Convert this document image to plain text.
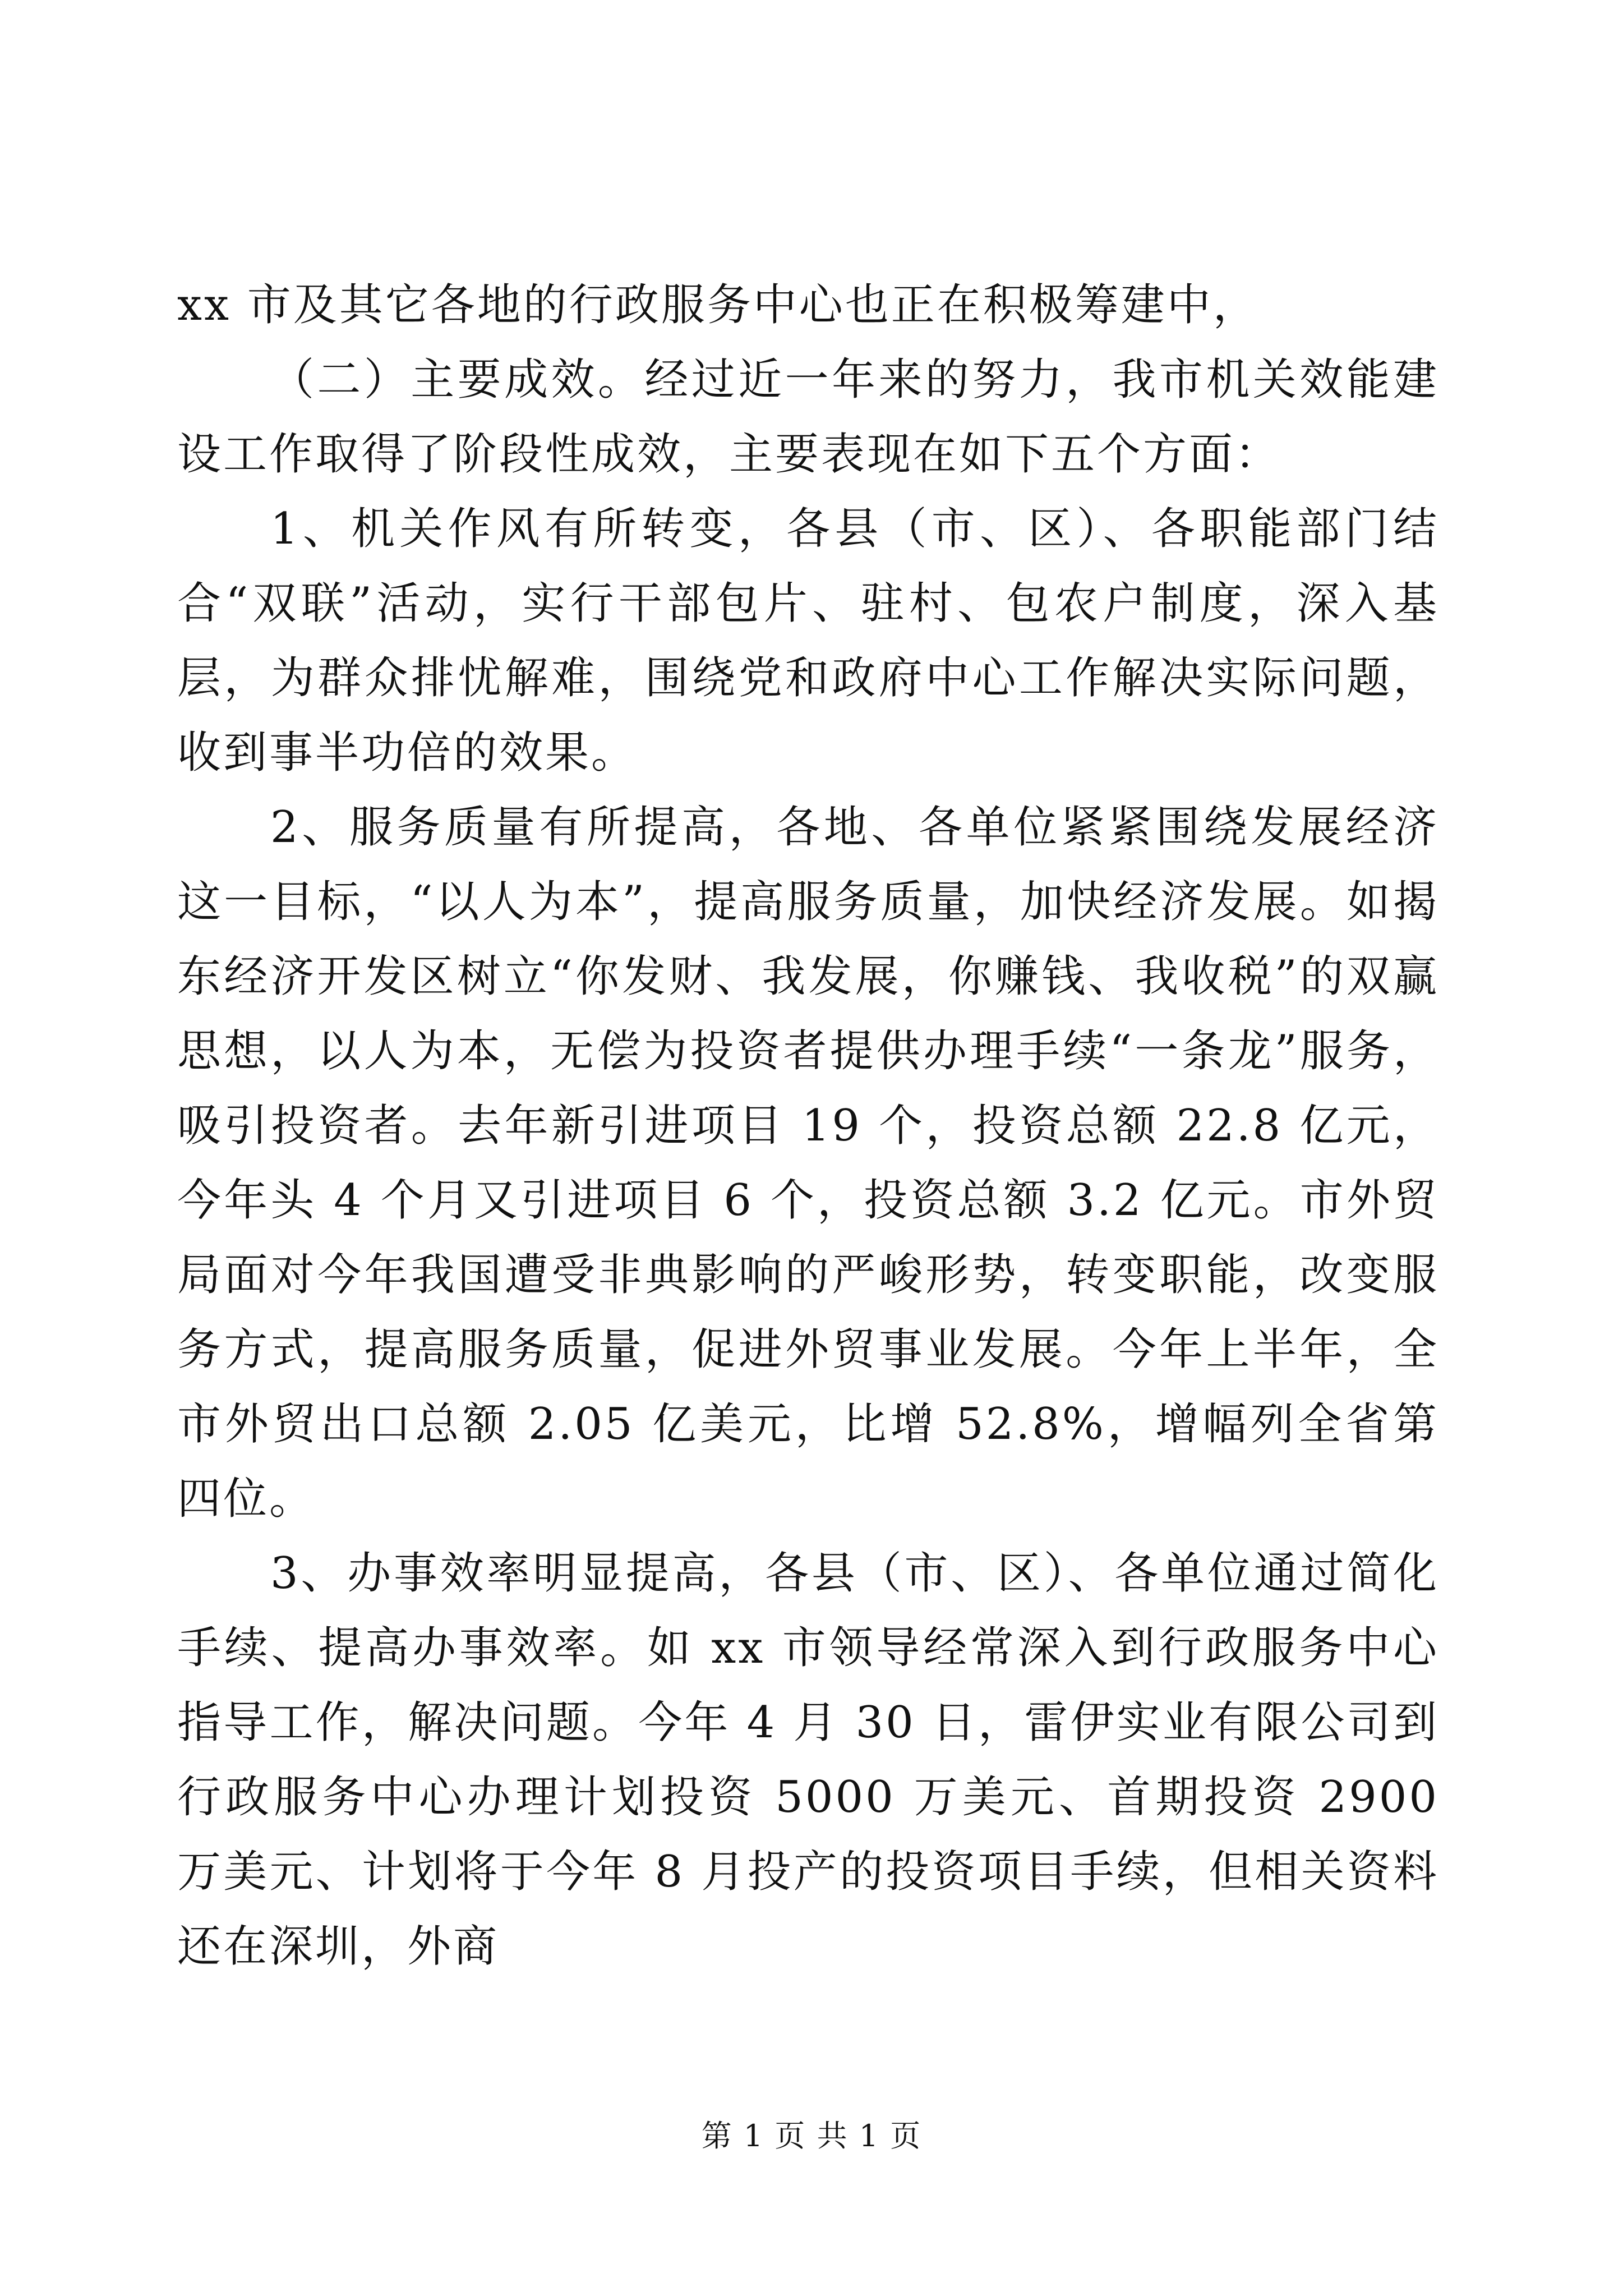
xx 市及其它各地的行政服务中心也正在积极筹建中，

（二）主要成效。经过近一年来的努力，我市机关效能建设工作取得了阶段性成效，主要表现在如下五个方面：

1、机关作风有所转变，各县（市、区）、各职能部门结合“双联”活动，实行干部包片、驻村、包农户制度，深入基层，为群众排忧解难，围绕党和政府中心工作解决实际问题，收到事半功倍的效果。

2、服务质量有所提高，各地、各单位紧紧围绕发展经济这一目标，“以人为本”，提高服务质量，加快经济发展。如揭东经济开发区树立“你发财、我发展，你赚钱、我收税”的双赢思想，以人为本，无偿为投资者提供办理手续“一条龙”服务，吸引投资者。去年新引进项目 19 个，投资总额 22.8 亿元，今年头 4 个月又引进项目 6 个，投资总额 3.2 亿元。市外贸局面对今年我国遭受非典影响的严峻形势，转变职能，改变服务方式，提高服务质量，促进外贸事业发展。今年上半年，全市外贸出口总额 2.05 亿美元，比增 52.8%，增幅列全省第四位。

3、办事效率明显提高，各县（市、区）、各单位通过简化手续、提高办事效率。如 xx 市领导经常深入到行政服务中心指导工作，解决问题。今年 4 月 30 日，雷伊实业有限公司到行政服务中心办理计划投资 5000 万美元、首期投资 2900 万美元、计划将于今年 8 月投产的投资项目手续，但相关资料还在深圳，外商

第 1 页 共 1 页
